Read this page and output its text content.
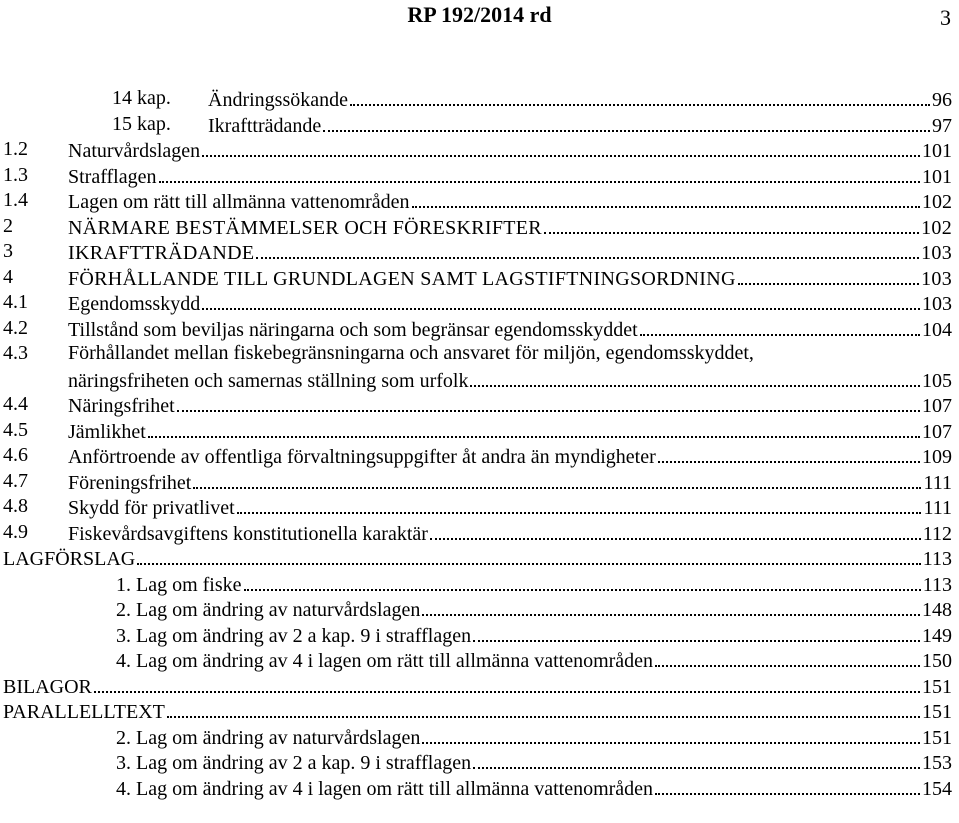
RP 192/2014 rd	3
14 kap. Ändringssökande	96
15 kap. Ikraftträdande	97
1.2 Naturvårdslagen	101
1.3 Strafflagen	101
1.4 Lagen om rätt till allmänna vattenområden	102
2	NÄRMARE BESTÄMMELSER OCH FÖRESKRIFTER	102
3	IKRAFTTRÄDANDE	103
4	FÖRHÅLLANDE TILL GRUNDLAGEN SAMT LAGSTIFTNINGSORDNING	103
4.1 Egendomsskydd	103
4.2 Tillstånd som beviljas näringarna och som begränsar egendomsskyddet	104
4.3 Förhållandet mellan fiskebegränsningarna och ansvaret för miljön, egendomsskyddet,
näringsfriheten och samernas ställning som urfolk	105
4.4 Näringsfrihet	107
4.5 Jämlikhet	107
4.6 Anförtroende av offentliga förvaltningsuppgifter åt andra än myndigheter	109
4.7 Föreningsfrihet	111
4.8 Skydd för privatlivet	111
4.9 Fiskevårdsavgiftens konstitutionella karaktär	112
LAGFÖRSLAG	113
1. Lag om fiske	113
2. Lag om ändring av naturvårdslagen	148
3. Lag om ändring av 2 a kap. 9 i strafflagen	149
4. Lag om ändring av 4 i lagen om rätt till allmänna vattenområden	150
BILAGOR	151
PARALLELLTEXT	151
2. Lag om ändring av naturvårdslagen	151
3. Lag om ändring av 2 a kap. 9 i strafflagen	153
4. Lag om ändring av 4 i lagen om rätt till allmänna vattenområden	154
